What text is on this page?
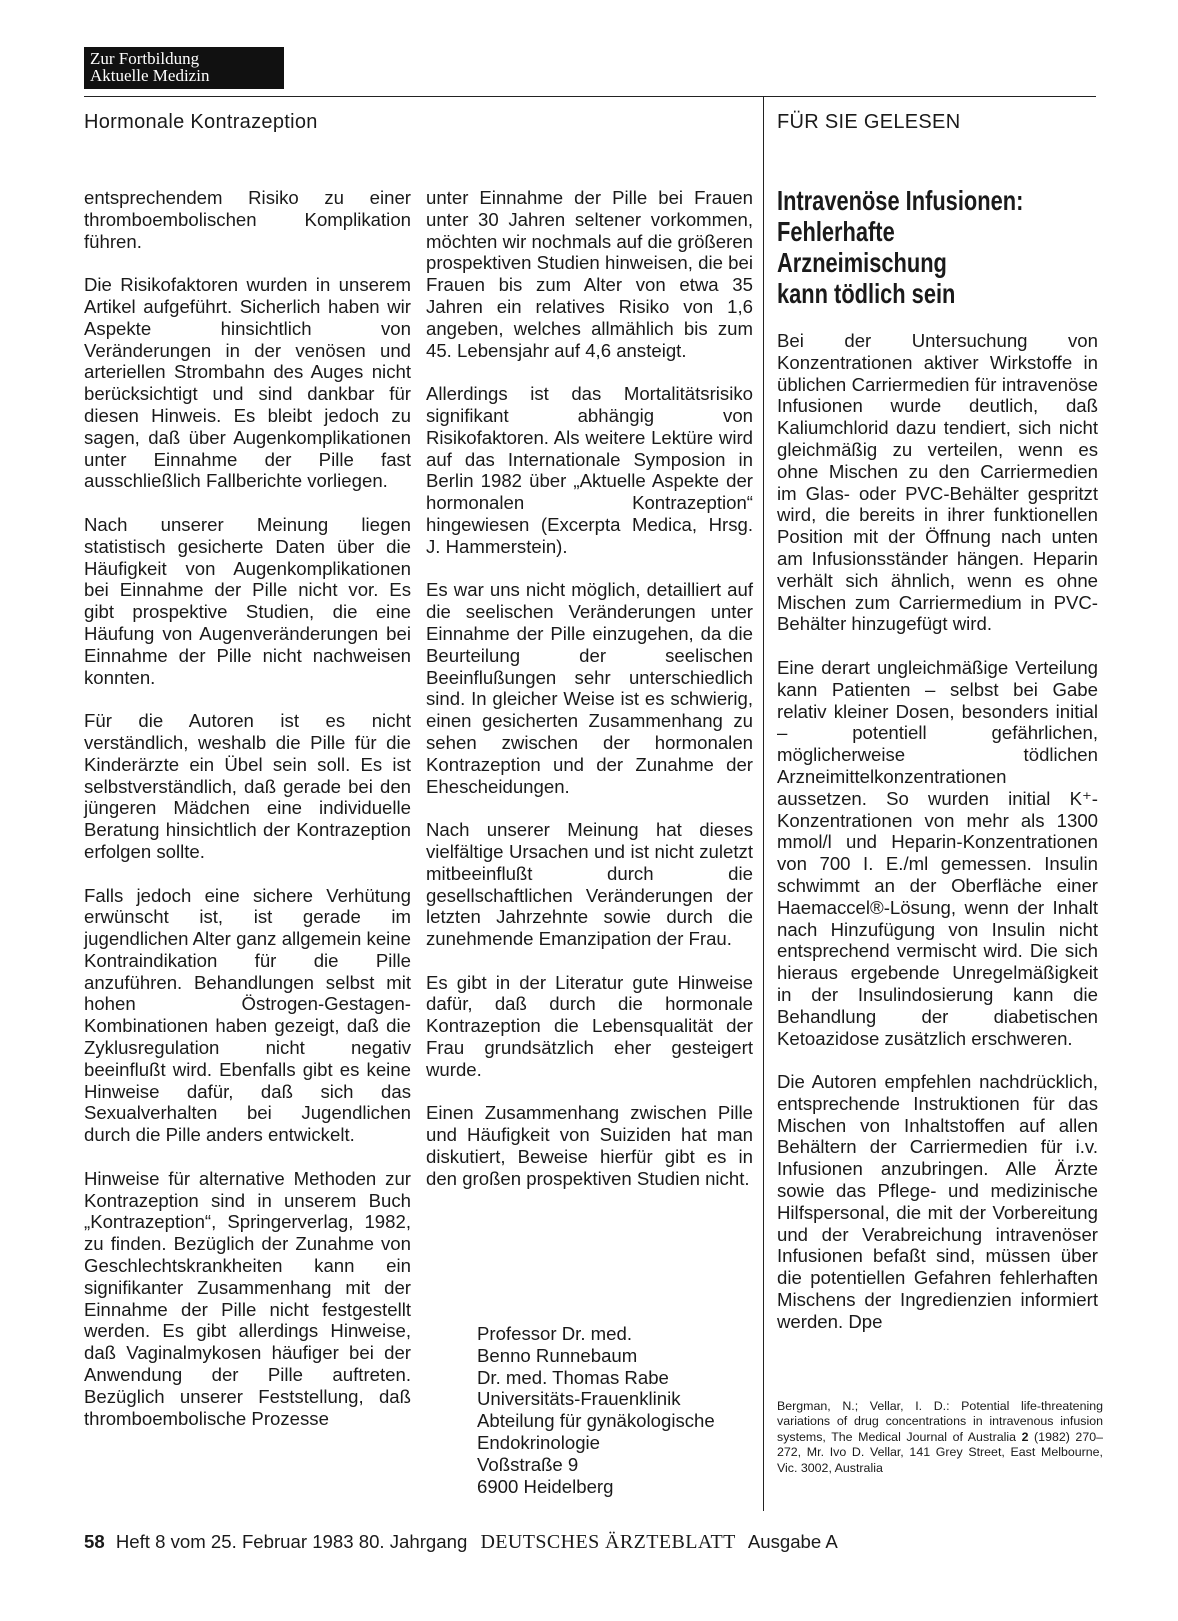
Zur Fortbildung
Aktuelle Medizin
Hormonale Kontrazeption	FÜR SIE GELESEN

entsprechendem Risiko zu einer thromboembolischen Komplikation führen.

Die Risikofaktoren wurden in unserem Artikel aufgeführt. Sicherlich haben wir Aspekte hinsichtlich von Veränderungen in der venösen und arteriellen Strombahn des Auges nicht berücksichtigt und sind dankbar für diesen Hinweis. Es bleibt jedoch zu sagen, daß über Augenkomplikationen unter Einnahme der Pille fast ausschließlich Fallberichte vorliegen.

Nach unserer Meinung liegen statistisch gesicherte Daten über die Häufigkeit von Augenkomplikationen bei Einnahme der Pille nicht vor. Es gibt prospektive Studien, die eine Häufung von Augenveränderungen bei Einnahme der Pille nicht nachweisen konnten.

Für die Autoren ist es nicht verständlich, weshalb die Pille für die Kinderärzte ein Übel sein soll. Es ist selbstverständlich, daß gerade bei den jüngeren Mädchen eine individuelle Beratung hinsichtlich der Kontrazeption erfolgen sollte.

Falls jedoch eine sichere Verhütung erwünscht ist, ist gerade im jugendlichen Alter ganz allgemein keine Kontraindikation für die Pille anzuführen. Behandlungen selbst mit hohen Östrogen-Gestagen-Kombinationen haben gezeigt, daß die Zyklusregulation nicht negativ beeinflußt wird. Ebenfalls gibt es keine Hinweise dafür, daß sich das Sexualverhalten bei Jugendlichen durch die Pille anders entwickelt.

Hinweise für alternative Methoden zur Kontrazeption sind in unserem Buch „Kontrazeption“, Springerverlag, 1982, zu finden. Bezüglich der Zunahme von Geschlechtskrankheiten kann ein signifikanter Zusammenhang mit der Einnahme der Pille nicht festgestellt werden. Es gibt allerdings Hinweise, daß Vaginalmykosen häufiger bei der Anwendung der Pille auftreten. Bezüglich unserer Feststellung, daß thromboembolische Prozesse

unter Einnahme der Pille bei Frauen unter 30 Jahren seltener vorkommen, möchten wir nochmals auf die größeren prospektiven Studien hinweisen, die bei Frauen bis zum Alter von etwa 35 Jahren ein relatives Risiko von 1,6 angeben, welches allmählich bis zum 45. Lebensjahr auf 4,6 ansteigt.

Allerdings ist das Mortalitätsrisiko signifikant abhängig von Risikofaktoren. Als weitere Lektüre wird auf das Internationale Symposion in Berlin 1982 über „Aktuelle Aspekte der hormonalen Kontrazeption“ hingewiesen (Excerpta Medica, Hrsg. J. Hammerstein).

Es war uns nicht möglich, detailliert auf die seelischen Veränderungen unter Einnahme der Pille einzugehen, da die Beurteilung der seelischen Beeinflußungen sehr unterschiedlich sind. In gleicher Weise ist es schwierig, einen gesicherten Zusammenhang zu sehen zwischen der hormonalen Kontrazeption und der Zunahme der Ehescheidungen.

Nach unserer Meinung hat dieses vielfältige Ursachen und ist nicht zuletzt mitbeeinflußt durch die gesellschaftlichen Veränderungen der letzten Jahrzehnte sowie durch die zunehmende Emanzipation der Frau.

Es gibt in der Literatur gute Hinweise dafür, daß durch die hormonale Kontrazeption die Lebensqualität der Frau grundsätzlich eher gesteigert wurde.

Einen Zusammenhang zwischen Pille und Häufigkeit von Suiziden hat man diskutiert, Beweise hierfür gibt es in den großen prospektiven Studien nicht.

Professor Dr. med.
Benno Runnebaum
Dr. med. Thomas Rabe
Universitäts-Frauenklinik
Abteilung für gynäkologische
Endokrinologie
Voßstraße 9
6900 Heidelberg
Intravenöse Infusionen:
Fehlerhafte
Arzneimischung
kann tödlich sein

Bei der Untersuchung von Konzentrationen aktiver Wirkstoffe in üblichen Carriermedien für intravenöse Infusionen wurde deutlich, daß Kaliumchlorid dazu tendiert, sich nicht gleichmäßig zu verteilen, wenn es ohne Mischen zu den Carriermedien im Glas- oder PVC-Behälter gespritzt wird, die bereits in ihrer funktionellen Position mit der Öffnung nach unten am Infusionsständer hängen. Heparin verhält sich ähnlich, wenn es ohne Mischen zum Carriermedium in PVC-Behälter hinzugefügt wird.

Eine derart ungleichmäßige Verteilung kann Patienten – selbst bei Gabe relativ kleiner Dosen, besonders initial – potentiell gefährlichen, möglicherweise tödlichen Arzneimittelkonzentrationen aussetzen. So wurden initial K⁺-Konzentrationen von mehr als 1300 mmol/l und Heparin-Konzentrationen von 700 I. E./ml gemessen. Insulin schwimmt an der Oberfläche einer Haemaccel®-Lösung, wenn der Inhalt nach Hinzufügung von Insulin nicht entsprechend vermischt wird. Die sich hieraus ergebende Unregelmäßigkeit in der Insulindosierung kann die Behandlung der diabetischen Ketoazidose zusätzlich erschweren.

Die Autoren empfehlen nachdrücklich, entsprechende Instruktionen für das Mischen von Inhaltstoffen auf allen Behältern der Carriermedien für i.v. Infusionen anzubringen. Alle Ärzte sowie das Pflege- und medizinische Hilfspersonal, die mit der Vorbereitung und der Verabreichung intravenöser Infusionen befaßt sind, müssen über die potentiellen Gefahren fehlerhaften Mischens der Ingredienzien informiert werden. Dpe

Bergman, N.; Vellar, I. D.: Potential life-threatening variations of drug concentrations in intravenous infusion systems, The Medical Journal of Australia 2 (1982) 270–272, Mr. Ivo D. Vellar, 141 Grey Street, East Melbourne, Vic. 3002, Australia
58 Heft 8 vom 25. Februar 1983 80. Jahrgang DEUTSCHES ÄRZTEBLATT Ausgabe A
